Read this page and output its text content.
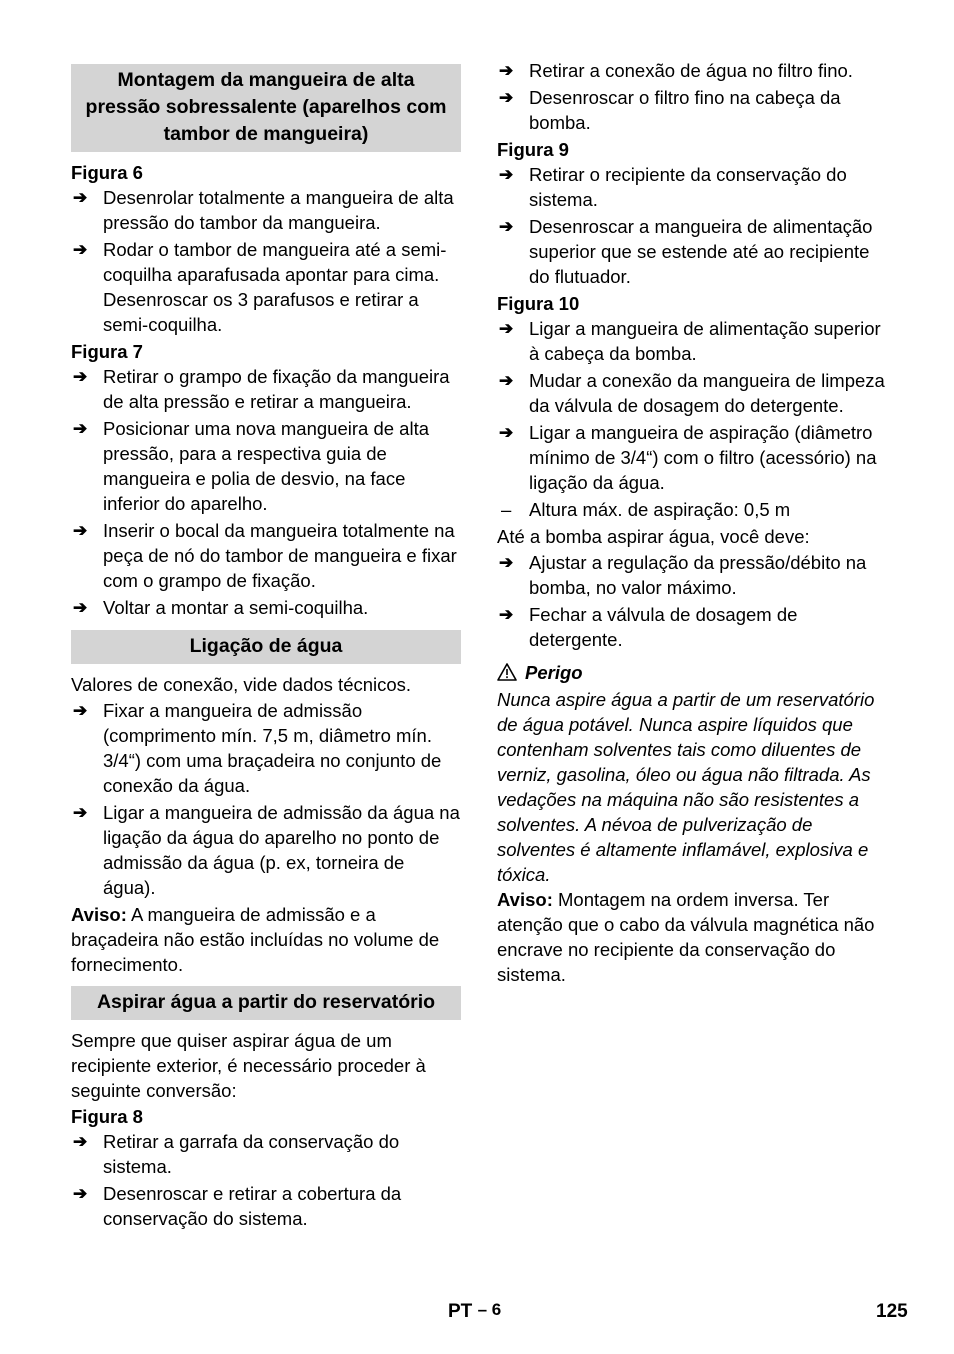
Montagem da mangueira de alta pressão sobressalente (aparelhos com tambor de mangueira)

Figura 6

➔ Desenrolar totalmente a mangueira de alta pressão do tambor da mangueira.
➔ Rodar o tambor de mangueira até a semi-coquilha aparafusada apontar para cima. Desenroscar os 3 parafusos e retirar a semi-coquilha.

Figura 7

➔ Retirar o grampo de fixação da mangueira de alta pressão e retirar a mangueira.
➔ Posicionar uma nova mangueira de alta pressão, para a respectiva guia de mangueira e polia de desvio, na face inferior do aparelho.
➔ Inserir o bocal da mangueira totalmente na peça de nó do tambor de mangueira e fixar com o grampo de fixação.
➔ Voltar a montar a semi-coquilha.
Ligação de água

Valores de conexão, vide dados técnicos.

➔ Fixar a mangueira de admissão (comprimento mín. 7,5 m, diâmetro mín. 3/4“) com uma braçadeira no conjunto de conexão da água.
➔ Ligar a mangueira de admissão da água na ligação da água do aparelho no ponto de admissão da água (p. ex, torneira de água).

Aviso: A mangueira de admissão e a braçadeira não estão incluídas no volume de fornecimento.

Aspirar água a partir do reservatório

Sempre que quiser aspirar água de um recipiente exterior, é necessário proceder à seguinte conversão:

Figura 8

➔ Retirar a garrafa da conservação do sistema.
➔ Desenroscar e retirar a cobertura da conservação do sistema.
➔ Retirar a conexão de água no filtro fino.
➔ Desenroscar o filtro fino na cabeça da bomba.

Figura 9

➔ Retirar o recipiente da conservação do sistema.
➔ Desenroscar a mangueira de alimentação superior que se estende até ao recipiente do flutuador.

Figura 10

➔ Ligar a mangueira de alimentação superior à cabeça da bomba.
➔ Mudar a conexão da mangueira de limpeza da válvula de dosagem do detergente.
➔ Ligar a mangueira de aspiração (diâmetro mínimo de 3/4“) com o filtro (acessório) na ligação da água.
– Altura máx. de aspiração: 0,5 m

Até a bomba aspirar água, você deve:

➔ Ajustar a regulação da pressão/débito na bomba, no valor máximo.
➔ Fechar a válvula de dosagem de detergente.

Perigo

Nunca aspire água a partir de um reservatório de água potável. Nunca aspire líquidos que contenham solventes tais como diluentes de verniz, gasolina, óleo ou água não filtrada. As vedações na máquina não são resistentes a solventes. A névoa de pulverização de solventes é altamente inflamável, explosiva e tóxica.

Aviso: Montagem na ordem inversa. Ter atenção que o cabo da válvula magnética não encrave no recipiente da conservação do sistema.

PT – 6	125
